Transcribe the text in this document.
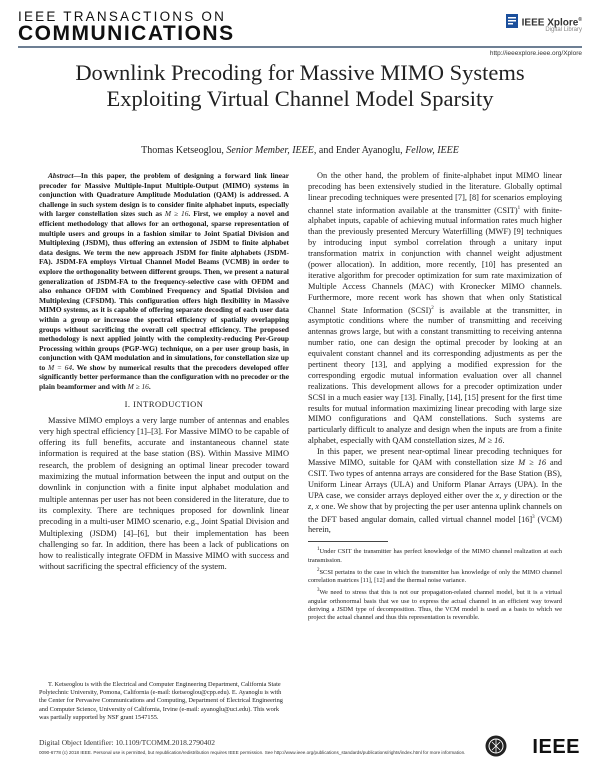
IEEE TRANSACTIONS ON
COMMUNICATIONS	IEEE Xplore®
Digital Library
http://ieeexplore.ieee.org/Xplore
Downlink Precoding for Massive MIMO Systems
Exploiting Virtual Channel Model Sparsity
Thomas Ketseoglou, Senior Member, IEEE, and Ender Ayanoglu, Fellow, IEEE
Abstract—In this paper, the problem of designing a forward link linear precoder for Massive Multiple-Input Multiple-Output (MIMO) systems in conjunction with Quadrature Amplitude Modulation (QAM) is addressed. A challenge in such system design is to consider finite alphabet inputs, especially with larger constellation sizes such as M ≥ 16. First, we employ a novel and efficient methodology that allows for an orthogonal, sparse representation of multiple users and groups in a fashion similar to Joint Spatial Division and Multiplexing (JSDM), thus offering an extension of JSDM to finite alphabet data designs. We term the new approach JSDM for finite alphabets (JSDM-FA). JSDM-FA employs Virtual Channel Model Beams (VCMB) in order to explore the orthogonality between different groups. Then, we present a natural generalization of JSDM-FA to the frequency-selective case with OFDM and also enhance OFDM with Combined Frequency and Spatial Division and Multiplexing (CFSDM). This configuration offers high flexibility in Massive MIMO systems, as it is capable of offering separate decoding of each user data within a group or increase the spectral efficiency of spatially overlapping groups without sacrificing the overall cell spectral efficiency. The proposed methodology is next applied jointly with the complexity-reducing Per-Group Processing within groups (PGP-WG) technique, on a per user group basis, in conjunction with QAM modulation and in simulations, for constellation size up to M = 64. We show by numerical results that the precoders developed offer significantly better performance than the configuration with no precoder or the plain beamformer and with M ≥ 16.
I. INTRODUCTION

Massive MIMO employs a very large number of antennas and enables very high spectral efficiency [1]–[3]. For Massive MIMO to be capable of offering its full benefits, accurate and instantaneous channel state information is required at the base station (BS). Within Massive MIMO research, the problem of designing an optimal linear precoder toward maximizing the mutual information between the input and output on the downlink in conjunction with a finite input alphabet modulation and multiple antennas per user has not been considered in the literature, due to its complexity. There are techniques proposed for downlink linear precoding in a multi-user MIMO scenario, e.g., Joint Spatial Division and Multiplexing (JSDM) [4]–[6], but their implementation has been challenging so far. In addition, there has been a lack of publications on how to realistically integrate OFDM in Massive MIMO with success and without sacrificing the spectral efficiency of the system.

T. Ketseoglou is with the Electrical and Computer Engineering Department, California State Polytechnic University, Pomona, California (e-mail: tketseoglou@cpp.edu). E. Ayanoglu is with the Center for Pervasive Communications and Computing, Department of Electrical Engineering and Computer Science, University of California, Irvine (e-mail: ayanoglu@uci.edu). This work was partially supported by NSF grant 1547155.

On the other hand, the problem of finite-alphabet input MIMO linear precoding has been extensively studied in the literature. Globally optimal linear precoding techniques were presented [7], [8] for scenarios employing channel state information available at the transmitter (CSIT)$^1$ with finite-alphabet inputs, capable of achieving mutual information rates much higher than the previously presented Mercury Waterfilling (MWF) [9] techniques by introducing input symbol correlation through a unitary input transformation matrix in conjunction with channel weight adjustment (power allocation). In addition, more recently, [10] has presented an iterative algorithm for precoder optimization for sum rate maximization of Multiple Access Channels (MAC) with Kronecker MIMO channels. Furthermore, more recent work has shown that when only Statistical Channel State Information (SCSI)$^2$ is available at the transmitter, in asymptotic conditions where the number of transmitting and receiving antennas grows large, but with a constant transmitting to receiving antenna number ratio, one can design the optimal precoder by looking at an equivalent constant channel and its corresponding adjustments as per the pertinent theory [13], and applying a modified expression for the corresponding ergodic mutual information evaluation over all channel realizations. This development allows for a precoder optimization under SCSI in a much easier way [13]. Finally, [14], [15] present for the first time results for mutual information maximizing linear precoding with large size MIMO configurations and QAM constellations. Such systems are particularly difficult to analyze and design when the inputs are from a finite alphabet, especially with QAM constellation sizes, M ≥ 16.

In this paper, we present near-optimal linear precoding techniques for Massive MIMO, suitable for QAM with constellation size M ≥ 16 and CSIT. Two types of antenna arrays are considered for the Base Station (BS), Uniform Linear Arrays (ULA) and Uniform Planar Arrays (UPA). In the UPA case, we consider arrays deployed either over the x, y direction or the z, x one. We show that by projecting the per user antenna uplink channels on the DFT based angular domain, called virtual channel model $[16]^3$ (VCM) herein,

$^1$Under CSIT the transmitter has perfect knowledge of the MIMO channel realization at each transmission.
$^2$SCSI pertains to the case in which the transmitter has knowledge of only the MIMO channel correlation matrices [11], [12] and the thermal noise variance.
$^3$We need to stress that this is not our propagation-related channel model, but it is a virtual angular orthonormal basis that we use to express the actual channel in an efficient way toward deriving a JSDM type of decomposition. Thus, the VCM model is used as a basis to which we project the actual channel and thus this representation is reversible.
Digital Object Identifier: 10.1109/TCOMM.2018.2790402
0090-6778 (c) 2018 IEEE. Personal use is permitted, but republication/redistribution requires IEEE permission. See http://www.ieee.org/publications_standards/publications/rights/index.html for more information.	IEEE
